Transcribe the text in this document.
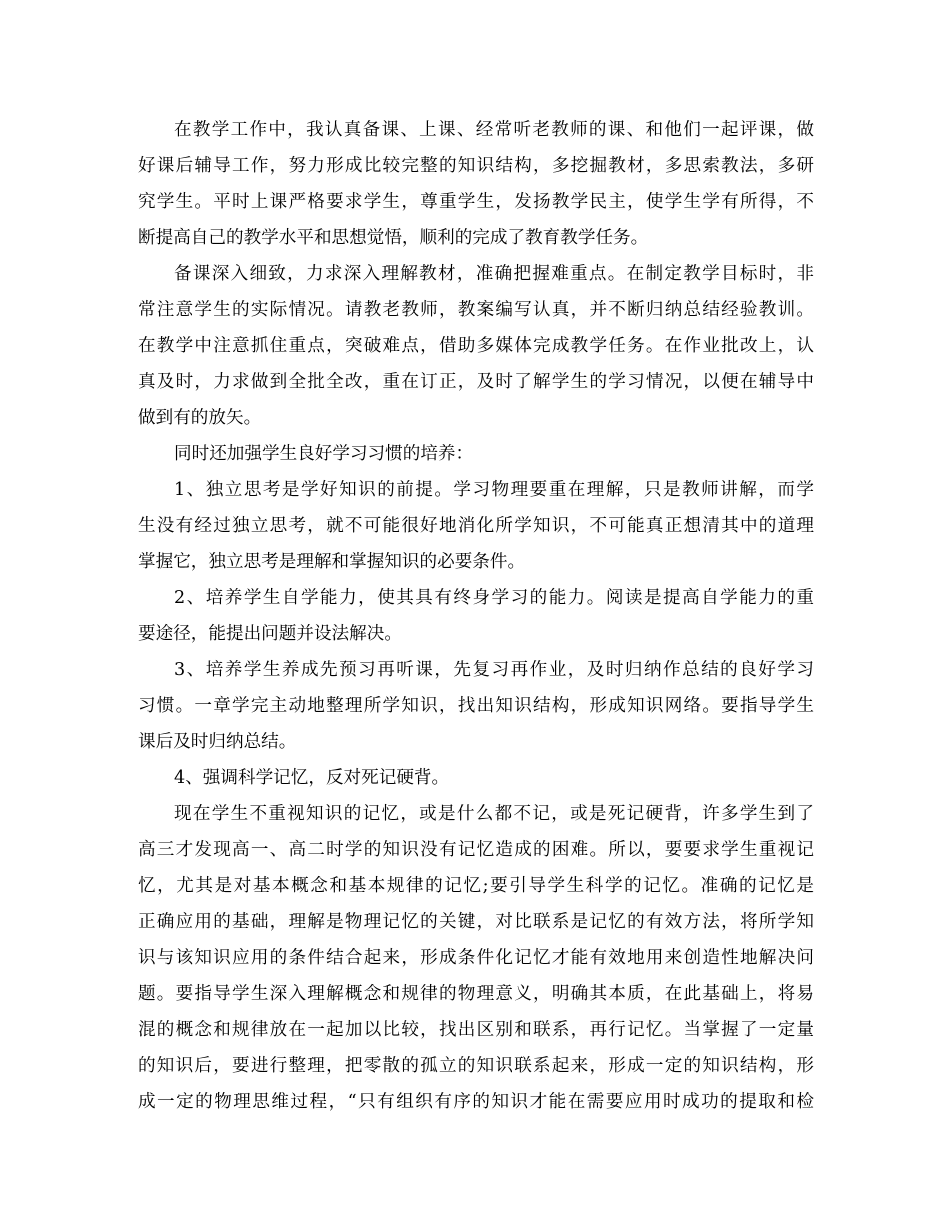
在教学工作中，我认真备课、上课、经常听老教师的课、和他们一起评课，做
好课后辅导工作，努力形成比较完整的知识结构，多挖掘教材，多思索教法，多研
究学生。平时上课严格要求学生，尊重学生，发扬教学民主，使学生学有所得，不
断提高自己的教学水平和思想觉悟，顺利的完成了教育教学任务。
备课深入细致，力求深入理解教材，准确把握难重点。在制定教学目标时，非
常注意学生的实际情况。请教老教师，教案编写认真，并不断归纳总结经验教训。
在教学中注意抓住重点，突破难点，借助多媒体完成教学任务。在作业批改上，认
真及时，力求做到全批全改，重在订正，及时了解学生的学习情况，以便在辅导中
做到有的放矢。
同时还加强学生良好学习习惯的培养：
1、独立思考是学好知识的前提。学习物理要重在理解，只是教师讲解，而学
生没有经过独立思考，就不可能很好地消化所学知识，不可能真正想清其中的道理
掌握它，独立思考是理解和掌握知识的必要条件。
2、培养学生自学能力，使其具有终身学习的能力。阅读是提高自学能力的重
要途径，能提出问题并设法解决。
3、培养学生养成先预习再听课，先复习再作业，及时归纳作总结的良好学习
习惯。一章学完主动地整理所学知识，找出知识结构，形成知识网络。要指导学生
课后及时归纳总结。
4、强调科学记忆，反对死记硬背。
现在学生不重视知识的记忆，或是什么都不记，或是死记硬背，许多学生到了
高三才发现高一、高二时学的知识没有记忆造成的困难。所以，要要求学生重视记
忆，尤其是对基本概念和基本规律的记忆;要引导学生科学的记忆。准确的记忆是
正确应用的基础，理解是物理记忆的关键，对比联系是记忆的有效方法，将所学知
识与该知识应用的条件结合起来，形成条件化记忆才能有效地用来创造性地解决问
题。要指导学生深入理解概念和规律的物理意义，明确其本质，在此基础上，将易
混的概念和规律放在一起加以比较，找出区别和联系，再行记忆。当掌握了一定量
的知识后，要进行整理，把零散的孤立的知识联系起来，形成一定的知识结构，形
成一定的物理思维过程，“只有组织有序的知识才能在需要应用时成功的提取和检
